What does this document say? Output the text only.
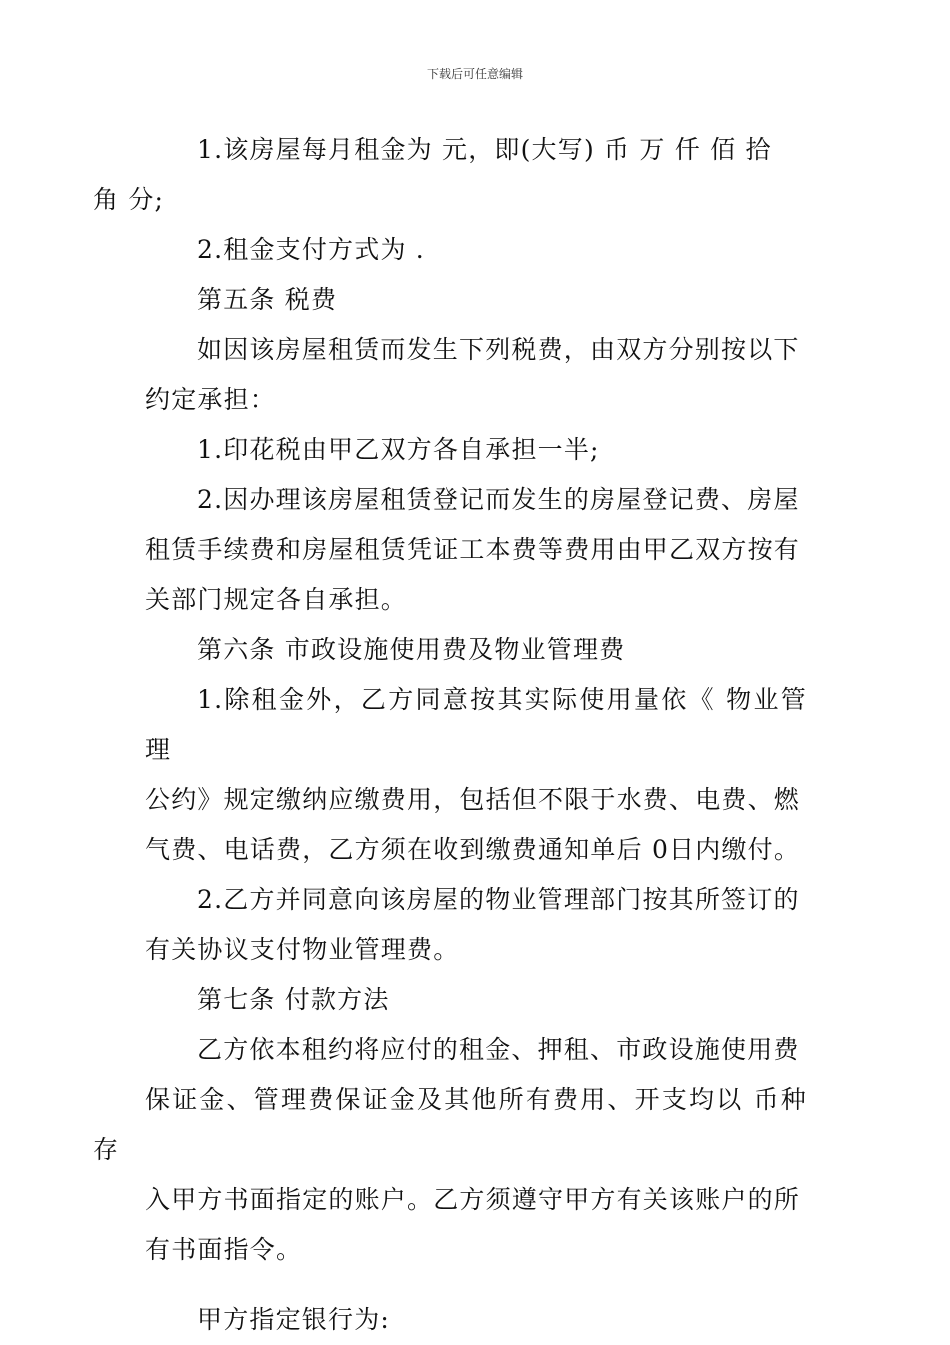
下载后可任意编辑

1.该房屋每月租金为 元，即(大写) 币 万 仟 佰 拾
角 分;

2.租金支付方式为 .

第五条 税费

如因该房屋租赁而发生下列税费，由双方分别按以下
约定承担：

1.印花税由甲乙双方各自承担一半;

2.因办理该房屋租赁登记而发生的房屋登记费、房屋
租赁手续费和房屋租赁凭证工本费等费用由甲乙双方按有
关部门规定各自承担。

第六条 市政设施使用费及物业管理费

1.除租金外，乙方同意按其实际使用量依《 物业管理
公约》规定缴纳应缴费用，包括但不限于水费、电费、燃
气费、电话费，乙方须在收到缴费通知单后 0日内缴付。

2.乙方并同意向该房屋的物业管理部门按其所签订的
有关协议支付物业管理费。

第七条 付款方法

乙方依本租约将应付的租金、押租、市政设施使用费
保证金、管理费保证金及其他所有费用、开支均以 币种存
入甲方书面指定的账户。乙方须遵守甲方有关该账户的所
有书面指令。

甲方指定银行为:
